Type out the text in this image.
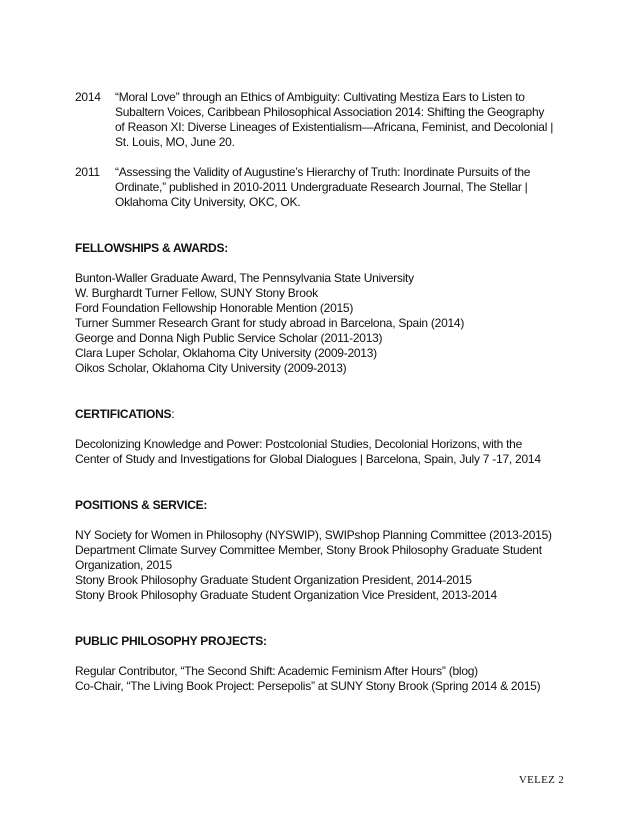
2014	“Moral Love” through an Ethics of Ambiguity: Cultivating Mestiza Ears to Listen to
Subaltern Voices, Caribbean Philosophical Association 2014: Shifting the Geography
of Reason XI: Diverse Lineages of Existentialism—Africana, Feminist, and Decolonial |
St. Louis, MO, June 20.
2011	“Assessing the Validity of Augustine’s Hierarchy of Truth: Inordinate Pursuits of the
Ordinate,” published in 2010-2011 Undergraduate Research Journal, The Stellar |
Oklahoma City University, OKC, OK.
FELLOWSHIPS & AWARDS:
Bunton-Waller Graduate Award, The Pennsylvania State University
W. Burghardt Turner Fellow, SUNY Stony Brook
Ford Foundation Fellowship Honorable Mention (2015)
Turner Summer Research Grant for study abroad in Barcelona, Spain (2014)
George and Donna Nigh Public Service Scholar (2011-2013)
Clara Luper Scholar, Oklahoma City University (2009-2013)
Oikos Scholar, Oklahoma City University (2009-2013)
CERTIFICATIONS:
Decolonizing Knowledge and Power: Postcolonial Studies, Decolonial Horizons, with the
Center of Study and Investigations for Global Dialogues | Barcelona, Spain, July 7 -17, 2014
POSITIONS & SERVICE:
NY Society for Women in Philosophy (NYSWIP), SWIPshop Planning Committee (2013-2015)
Department Climate Survey Committee Member, Stony Brook Philosophy Graduate Student
Organization, 2015
Stony Brook Philosophy Graduate Student Organization President, 2014-2015
Stony Brook Philosophy Graduate Student Organization Vice President, 2013-2014
PUBLIC PHILOSOPHY PROJECTS:
Regular Contributor, “The Second Shift: Academic Feminism After Hours” (blog)
Co-Chair, “The Living Book Project: Persepolis” at SUNY Stony Brook (Spring 2014 & 2015)
VELEZ 2
